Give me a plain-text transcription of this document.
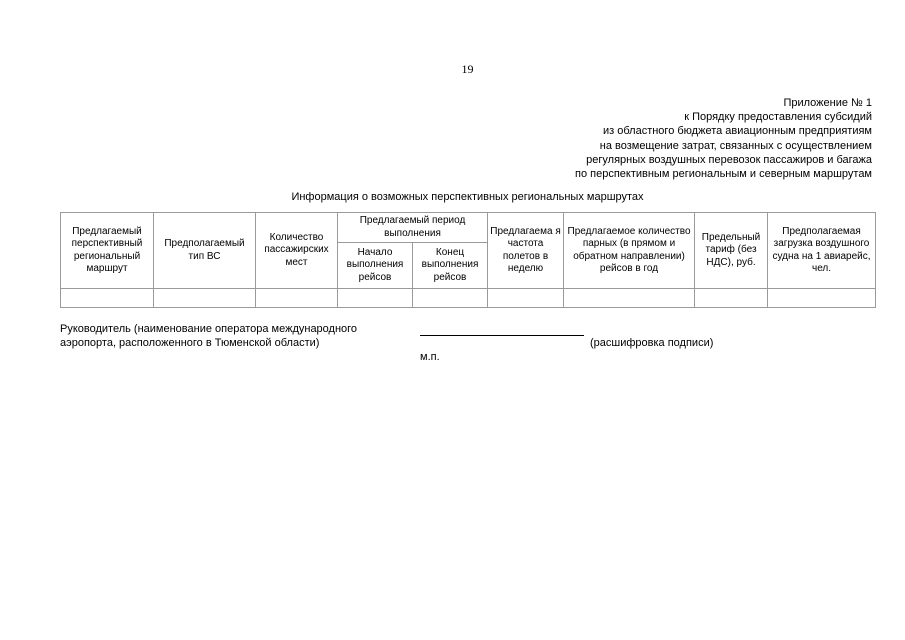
19
Приложение № 1
к Порядку предоставления субсидий
из областного бюджета авиационным предприятиям
на возмещение затрат, связанных с осуществлением
регулярных воздушных перевозок пассажиров и багажа
по перспективным региональным и северным маршрутам
Информация о возможных перспективных региональных маршрутах
Предлагаемый перспективный региональный маршрут	Предполагаемый тип ВС	Количество пассажирских мест	Предлагаемый период выполнения		Предлагаема я частота полетов в неделю	Предлагаемое количество парных (в прямом и обратном направлении) рейсов в год	Предельный тариф (без НДС), руб.	Предполагаемая загрузка воздушного судна на 1 авиарейс, чел.
			Начало выполнения рейсов	Конец выполнения рейсов				

Руководитель (наименование оператора международного
аэропорта, расположенного в Тюменской области)	(расшифровка подписи)
м.п.
